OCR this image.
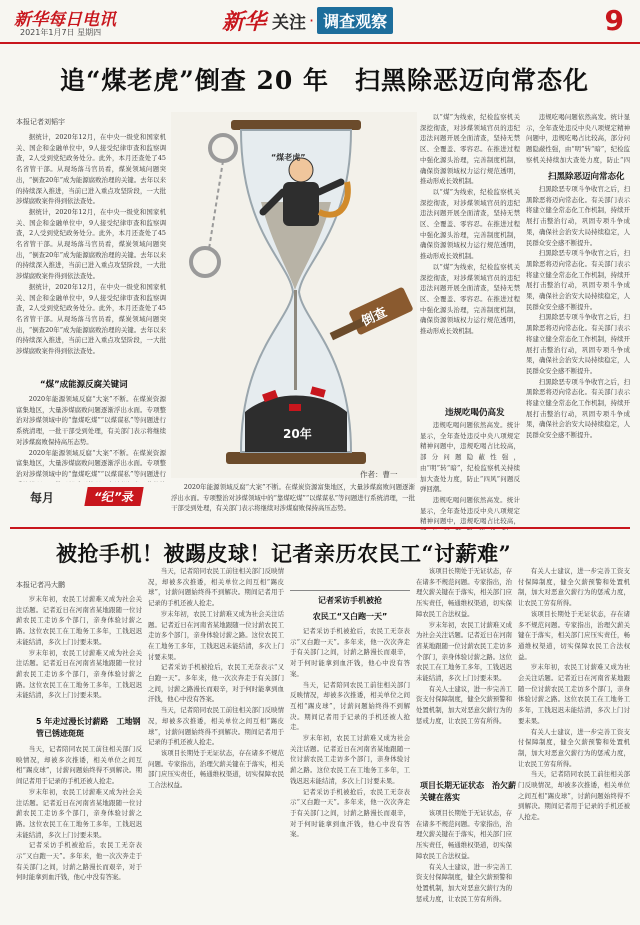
新华每日电讯
2021年1月7日 星期四	新华 关注 · 调查观察	9
追“煤老虎”倒查 20 年　扫黑除恶迈向常态化
本报记者刘韬宇

据统计，2020年12月，在中央一级党和国家机关、国企和金融单位中，9人接受纪律审查和监察调查，2人受到党纪政务处分。此外，本月还查处了45名省管干部。从现场落马官员看，煤炭领域问题突出，“倒查20年”成为能源腐败治理的关键。去年以来的持续深入推进，当前已进入重点攻坚阶段，一大批涉煤腐败案件得到依法查处。

据统计，2020年12月，在中央一级党和国家机关、国企和金融单位中，9人接受纪律审查和监察调查，2人受到党纪政务处分。此外，本月还查处了45名省管干部。从现场落马官员看，煤炭领域问题突出，“倒查20年”成为能源腐败治理的关键。去年以来的持续深入推进，当前已进入重点攻坚阶段，一大批涉煤腐败案件得到依法查处。

据统计，2020年12月，在中央一级党和国家机关、国企和金融单位中，9人接受纪律审查和监察调查，2人受到党纪政务处分。此外，本月还查处了45名省管干部。从现场落马官员看，煤炭领域问题突出，“倒查20年”成为能源腐败治理的关键。去年以来的持续深入推进，当前已进入重点攻坚阶段，一大批涉煤腐败案件得到依法查处。

“煤”成能源反腐关键词

2020年能源领域反腐“大案”不断。在煤炭资源富集地区，大量涉煤腐败问题逐渐浮出水面。专项整治对涉煤领域中的“靠煤吃煤”“以煤谋私”等问题进行系统清理，一批干部受到处理，有关部门表示将继续对涉煤腐败保持高压态势。

2020年能源领域反腐“大案”不断。在煤炭资源富集地区，大量涉煤腐败问题逐渐浮出水面。专项整治对涉煤领域中的“靠煤吃煤”“以煤谋私”等问题进行

以“煤”为线索，纪检监察机关深挖彻查，对涉煤领域官员的违纪违法问题开展全面清查，坚持无禁区、全覆盖、零容忍。在推进过程中强化源头治理，完善制度机制，确保资源领域权力运行规范透明，推动形成长效机制。

以“煤”为线索，纪检监察机关深挖彻查，对涉煤领域官员的违纪违法问题开展全面清查，坚持无禁区、全覆盖、零容忍。在推进过程中强化源头治理，完善制度机制，确保资源领域权力运行规范透明，推动形成长效机制。

以“煤”为线索，纪检监察机关深挖彻查，对涉煤领域官员的违纪违法问题开展全面清查，坚持无禁区、全覆盖、零容忍。在推进过程中强化源头治理，完善制度机制，确保资源领域权力运行规范透明，推动形成长效机制。

违规吃喝仍高发

违规吃喝问题依然高发。统计显示，全年查处违反中央八项规定精神问题中，违规吃喝占比较高，部分问题隐蔽性强，由“明”转“暗”，纪检监察机关持续加大查处力度，防止“四风”问题反弹回潮。

违规吃喝问题依然高发。统计显示，全年查处违反中央八项规定精神问题中，违规吃喝占比较高，

违规吃喝问题依然高发。统计显示，全年查处违反中央八项规定精神问题中，违规吃喝占比较高，部分问题隐蔽性强，由“明”转“暗”，纪检监察机关持续加大查处力度，防止“四

扫黑除恶迈向常态化

扫黑除恶专项斗争收官之后，扫黑除恶将迈向常态化。有关部门表示将建立健全常态化工作机制，持续开展打击整治行动，巩固专项斗争成果，确保社会治安大局持续稳定，人民群众安全感不断提升。

扫黑除恶专项斗争收官之后，扫黑除恶将迈向常态化。有关部门表示将建立健全常态化工作机制，持续开展打击整治行动，巩固专项斗争成果，确保社会治安大局持续稳定，人民群众安全感不断提升。

扫黑除恶专项斗争收官之后，扫黑除恶将迈向常态化。有关部门表示将建立健全常态化工作机制，持续开展打击整治行动，巩固专项斗争成果，确保社会治安大局持续稳定，人民群众安全感不断提升。

扫黑除恶专项斗争收官之后，扫黑除恶将迈向常态化。有关部门表示将建立健全常态化工作机制，持续开展打击整治行动，巩固专项斗争成果，确保社会治安大局持续稳定，人民群众安全感不断提升。

2020年能源领域反腐“大案”不断。在煤炭资源富集地区，大量涉煤腐败问题逐渐浮出水面。专项整治对涉煤领域中的“靠煤吃煤”“以煤谋私”等问题进行系统清理，一批干部受到处理，有关部门表示将继续对涉煤腐败保持高压态势。

倒查
“煤老虎”
20年
作者：曹一
每月	“纪”录
被抢手机！被踢皮球！记者亲历农民工“讨薪难”
本报记者冯大鹏

岁末年初，农民工讨薪难又成为社会关注话题。记者近日在河南省某地跟随一位讨薪农民工走访多个部门，亲身体验讨薪之路。这位农民工在工地务工多年，工钱迟迟未能结清，多次上门讨要未果。

岁末年初，农民工讨薪难又成为社会关注话题。记者近日在河南省某地跟随一位讨薪农民工走访多个部门，亲身体验讨薪之路。这位农民工在工地务工多年，工钱迟迟未能结清，多次上门讨要未果。

5 年走过漫长讨薪路　工地钢管已锈迹斑斑

当天，记者陪同农民工前往相关部门反映情况，却被多次推诿，相关单位之间互相“踢皮球”，讨薪问题始终得不到解决。期间记者用于记录的手机还被人抢走。

岁末年初，农民工讨薪难又成为社会关注话题。记者近日在河南省某地跟随一位讨薪农民工走访多个部门，亲身体验讨薪之路。这位农民工在工地务工多年，工钱迟迟未能结清，多次上门讨要未果。

记者采访手机被抢后，农民工无奈表示“又白跑一天”。多年来，他一次次奔走于有关部门之间，讨薪之路漫长而艰辛，对于何时能拿到血汗钱，他心中没有答案。

当天，记者陪同农民工前往相关部门反映情况，却被多次推诿，相关单位之间互相“踢皮球”，讨薪问题始终得不到解决。期间记者用于记录的手机还被人抢走。

岁末年初，农民工讨薪难又成为社会关注话题。记者近日在河南省某地跟随一位讨薪农民工走访多个部门，亲身体验讨薪之路。这位农民工在工地务工多年，工钱迟迟未能结清，多次上门讨要未果。

记者采访手机被抢后，农民工无奈表示“又白跑一天”。多年来，他一次次奔走于有关部门之间，讨薪之路漫长而艰辛，对于何时能拿到血汗钱，他心中没有答案。

当天，记者陪同农民工前往相关部门反映情况，却被多次推诿，相关单位之间互相“踢皮球”，讨薪问题始终得不到解决。期间记者用于记录的手机还被人抢走。

该项目长期处于无证状态，存在诸多不规范问题。专家指出，治理欠薪关键在于落实，相关部门应压实责任，畅通维权渠道，切实保障农民工合法权益。

记者采访手机被抢
农民工“又白跑一天”

记者采访手机被抢后，农民工无奈表示“又白跑一天”。多年来，他一次次奔走于有关部门之间，讨薪之路漫长而艰辛，对于何时能拿到血汗钱，他心中没有答案。

当天，记者陪同农民工前往相关部门反映情况，却被多次推诿，相关单位之间互相“踢皮球”，讨薪问题始终得不到解决。期间记者用于记录的手机还被人抢走。

岁末年初，农民工讨薪难又成为社会关注话题。记者近日在河南省某地跟随一位讨薪农民工走访多个部门，亲身体验讨薪之路。这位农民工在工地务工多年，工钱迟迟未能结清，多次上门讨要未果。

记者采访手机被抢后，农民工无奈表示“又白跑一天”。多年来，他一次次奔走于有关部门之间，讨薪之路漫长而艰辛，对于何时能拿到血汗钱，他心中没有答案。

该项目长期处于无证状态，存在诸多不规范问题。专家指出，治理欠薪关键在于落实，相关部门应压实责任，畅通维权渠道，切实保障农民工合法权益。

岁末年初，农民工讨薪难又成为社会关注话题。记者近日在河南省某地跟随一位讨薪农民工走访多个部门，亲身体验讨薪之路。这位农民工在工地务工多年，工钱迟迟未能结清，多次上门讨要未果。

有关人士建议，进一步完善工资支付保障制度，健全欠薪预警和处置机制，加大对恶意欠薪行为的惩戒力度，让农民工劳有所得。

项目长期无证状态　治欠薪关键在落实

该项目长期处于无证状态，存在诸多不规范问题。专家指出，治理欠薪关键在于落实，相关部门应压实责任，畅通维权渠道，切实保障农民工合法权益。

有关人士建议，进一步完善工资支付保障制度，健全欠薪预警和处置机制，加大对恶意欠薪行为的惩戒力度，让农民工劳有所得。

有关人士建议，进一步完善工资支付保障制度，健全欠薪预警和处置机制，加大对恶意欠薪行为的惩戒力度，让农民工劳有所得。

该项目长期处于无证状态，存在诸多不规范问题。专家指出，治理欠薪关键在于落实，相关部门应压实责任，畅通维权渠道，切实保障农民工合法权益。

岁末年初，农民工讨薪难又成为社会关注话题。记者近日在河南省某地跟随一位讨薪农民工走访多个部门，亲身体验讨薪之路。这位农民工在工地务工多年，工钱迟迟未能结清，多次上门讨要未果。

有关人士建议，进一步完善工资支付保障制度，健全欠薪预警和处置机制，加大对恶意欠薪行为的惩戒力度，让农民工劳有所得。

当天，记者陪同农民工前往相关部门反映情况，却被多次推诿，相关单位之间互相“踢皮球”，讨薪问题始终得不到解决。期间记者用于记录的手机还被人抢走。
